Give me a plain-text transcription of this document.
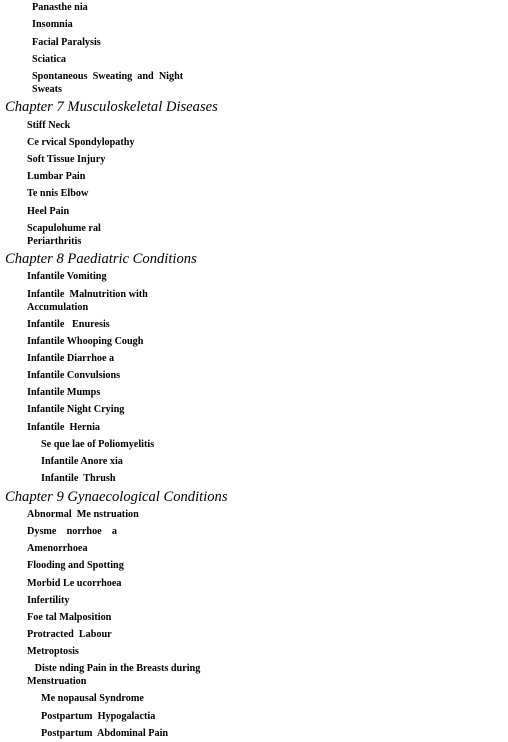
Panasthe nia
Insomnia
Facial Paralysis
Sciatica
Spontaneous  Sweating  and  Night
Sweats
Chapter 7 Musculoskeletal Diseases
Stiff Neck
Ce rvical Spondylopathy
Soft Tissue Injury
Lumbar Pain
Te nnis Elbow
Heel Pain
Scapulohume ral
Periarthritis
Chapter 8 Paediatric Conditions
Infantile Vomiting
Infantile  Malnutrition with
Accumulation
Infantile   Enuresis
Infantile Whooping Cough
Infantile Diarrhoe a
Infantile Convulsions
Infantile Mumps
Infantile Night Crying
Infantile  Hernia
Se que lae of Poliomyelitis
Infantile Anore xia
Infantile  Thrush
Chapter 9 Gynaecological Conditions
Abnormal  Me nstruation
Dysme    norrhoe    a
Amenorrhoea
Flooding and Spotting
Morbid Le ucorrhoea
Infertility
Foe tal Malposition
Protracted  Labour
Metroptosis
Diste nding Pain in the Breasts during
Menstruation
Me nopausal Syndrome
Postpartum  Hypogalactia
Postpartum  Abdominal Pain
